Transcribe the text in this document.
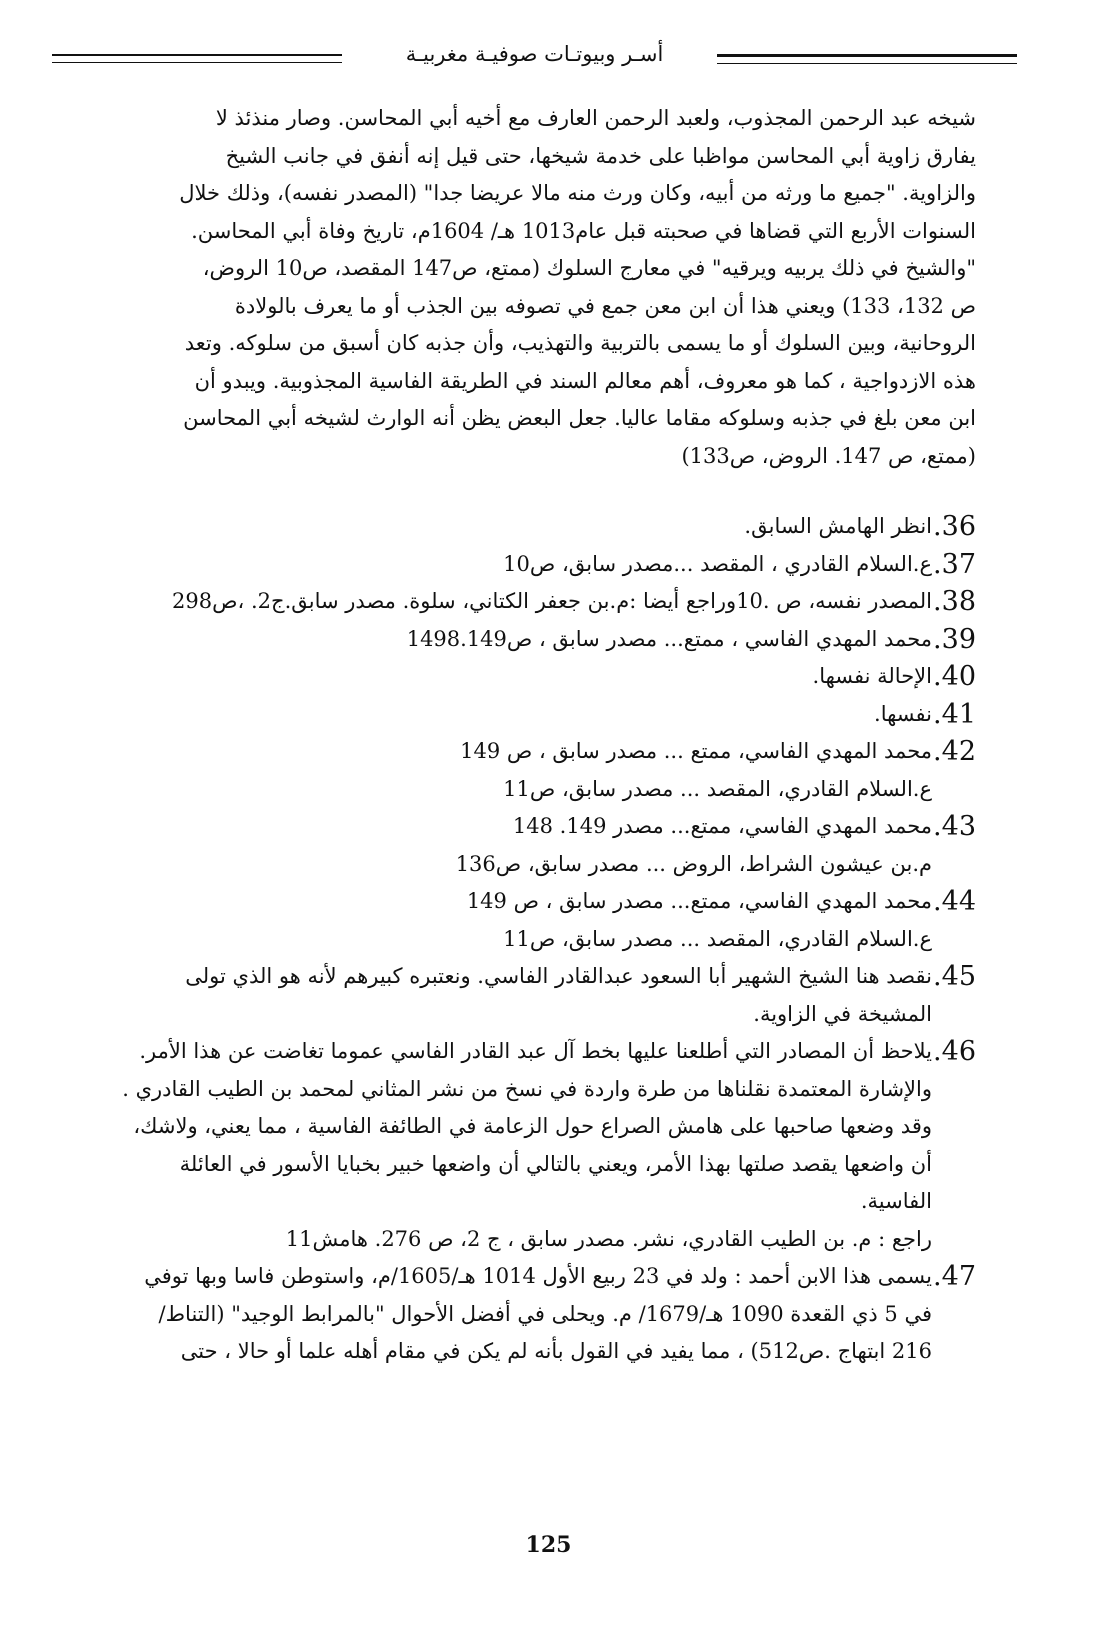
أسـر وبيوتـات صوفيـة مغربيـة

شيخه عبد الرحمن المجذوب، ولعبد الرحمن العارف مع أخيه أبي المحاسن. وصار منذئذ لا

يفارق زاوية أبي المحاسن مواظبا على خدمة شيخها، حتى قيل إنه أنفق في جانب الشيخ

والزاوية. "جميع ما ورثه من أبيه، وكان ورث منه مالا عريضا جدا" (المصدر نفسه)، وذلك خلال

السنوات الأربع التي قضاها في صحبته قبل عام1013 هـ/ 1604م، تاريخ وفاة أبي المحاسن.

"والشيخ في ذلك يربيه ويرقيه" في معارج السلوك (ممتع، ص147 المقصد، ص10 الروض،

ص 132، 133) ويعني هذا أن ابن معن جمع في تصوفه بين الجذب أو ما يعرف بالولادة

الروحانية، وبين السلوك أو ما يسمى بالتربية والتهذيب، وأن جذبه كان أسبق من سلوكه. وتعد

هذه الازدواجية ، كما هو معروف، أهم معالم السند في الطريقة الفاسية المجذوبية. ويبدو أن

ابن معن بلغ في جذبه وسلوكه مقاما عاليا. جعل البعض يظن أنه الوارث لشيخه أبي المحاسن

(ممتع، ص 147. الروض، ص133)

36.
انظر الهامش السابق.
37.
ع.السلام القادري ، المقصد ...مصدر سابق، ص10
38.
المصدر نفسه، ص .10وراجع أيضا :م.بن جعفر الكتاني، سلوة. مصدر سابق.ج2. ،ص298
39.
محمد المهدي الفاسي ، ممتع... مصدر سابق ، ص1498.149
40.
الإحالة نفسها.
41.
نفسها.
42.
محمد المهدي الفاسي، ممتع ... مصدر سابق ، ص 149
ع.السلام القادري، المقصد ... مصدر سابق، ص11
43.
محمد المهدي الفاسي، ممتع... مصدر 149. 148
م.بن عيشون الشراط، الروض ... مصدر سابق، ص136
44.
محمد المهدي الفاسي، ممتع... مصدر سابق ، ص 149
ع.السلام القادري، المقصد ... مصدر سابق، ص11
45.
نقصد هنا الشيخ الشهير أبا السعود عبدالقادر الفاسي. ونعتبره كبيرهم لأنه هو الذي تولى
المشيخة في الزاوية.
46.
يلاحظ أن المصادر التي أطلعنا عليها بخط آل عبد القادر الفاسي عموما تغاضت عن هذا الأمر.
والإشارة المعتمدة نقلناها من طرة واردة في نسخ من نشر المثاني لمحمد بن الطيب القادري .
وقد وضعها صاحبها على هامش الصراع حول الزعامة في الطائفة الفاسية ، مما يعني، ولاشك،
أن واضعها يقصد صلتها بهذا الأمر، ويعني بالتالي أن واضعها خبير بخبايا الأسور في العائلة
الفاسية.
راجع : م. بن الطيب القادري، نشر. مصدر سابق ، ج 2، ص 276. هامش11
47.
يسمى هذا الابن أحمد : ولد في 23 ربيع الأول 1014 هـ/1605/م، واستوطن فاسا وبها توفي
في 5 ذي القعدة 1090 هـ/1679/ م. ويحلى في أفضل الأحوال "بالمرابط الوجيد" (التناط/
216 ابتهاج .ص512) ، مما يفيد في القول بأنه لم يكن في مقام أهله علما أو حالا ، حتى
125
